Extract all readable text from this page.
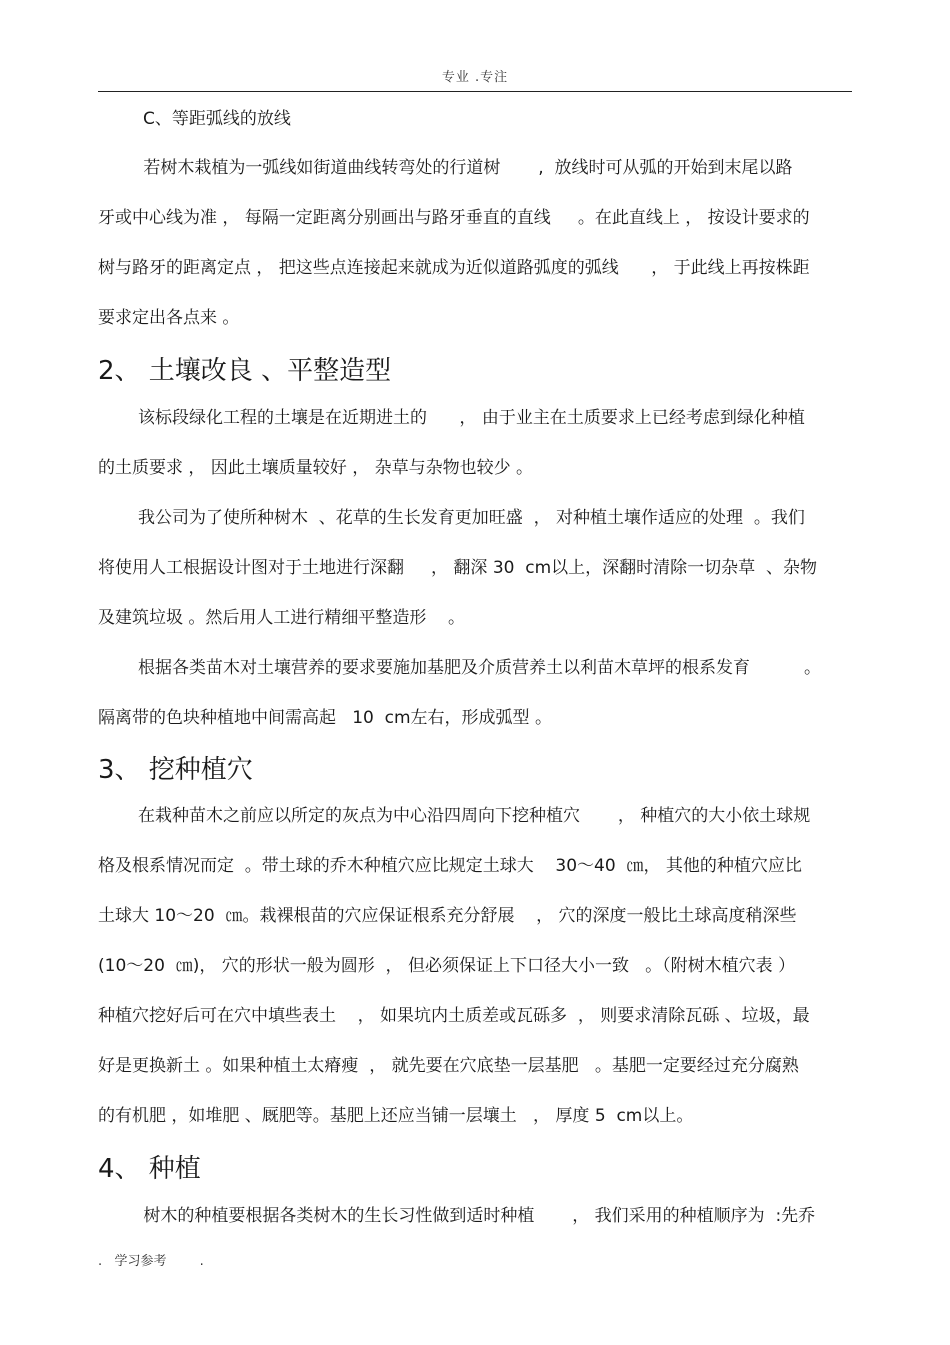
专业 .专注
C、等距弧线的放线
若树木栽植为一弧线如街道曲线转弯处的行道树       ,  放线时可从弧的开始到末尾以路
牙或中心线为准 ， 每隔一定距离分别画出与路牙垂直的直线     。在此直线上 ， 按设计要求的
树与路牙的距离定点 ， 把这些点连接起来就成为近似道路弧度的弧线      ， 于此线上再按株距
要求定出各点来 。
2、 土壤改良 、平整造型
该标段绿化工程的土壤是在近期进土的      ， 由于业主在土质要求上已经考虑到绿化种植
的土质要求 ， 因此土壤质量较好 ， 杂草与杂物也较少 。
我公司为了使所种树木  、花草的生长发育更加旺盛  ， 对种植土壤作适应的处理  。我们
将使用人工根据设计图对于土地进行深翻     ， 翻深 30  cm以上，深翻时清除一切杂草  、杂物
及建筑垃圾 。然后用人工进行精细平整造形    。
根据各类苗木对土壤营养的要求要施加基肥及介质营养土以利苗木草坪的根系发育          。
隔离带的色块种植地中间需高起   10  cm左右，形成弧型 。
3、 挖种植穴
在栽种苗木之前应以所定的灰点为中心沿四周向下挖种植穴       ， 种植穴的大小依土球规
格及根系情况而定  。带土球的乔木种植穴应比规定土球大    30～40  ㎝， 其他的种植穴应比
土球大 10～20  ㎝。栽裸根苗的穴应保证根系充分舒展    ， 穴的深度一般比土球高度稍深些
(10～20  ㎝)， 穴的形状一般为圆形  ， 但必须保证上下口径大小一致   。（附树木植穴表 ）
种植穴挖好后可在穴中填些表土    ， 如果坑内土质差或瓦砾多  ， 则要求清除瓦砾 、垃圾，最
好是更换新土 。如果种植土太瘠瘦  ， 就先要在穴底垫一层基肥   。基肥一定要经过充分腐熟
的有机肥 ，如堆肥 、厩肥等。基肥上还应当铺一层壤土   ， 厚度 5  cm以上。
4、 种植
树木的种植要根据各类树木的生长习性做到适时种植       ， 我们采用的种植顺序为  :先乔
.   学习参考        .
